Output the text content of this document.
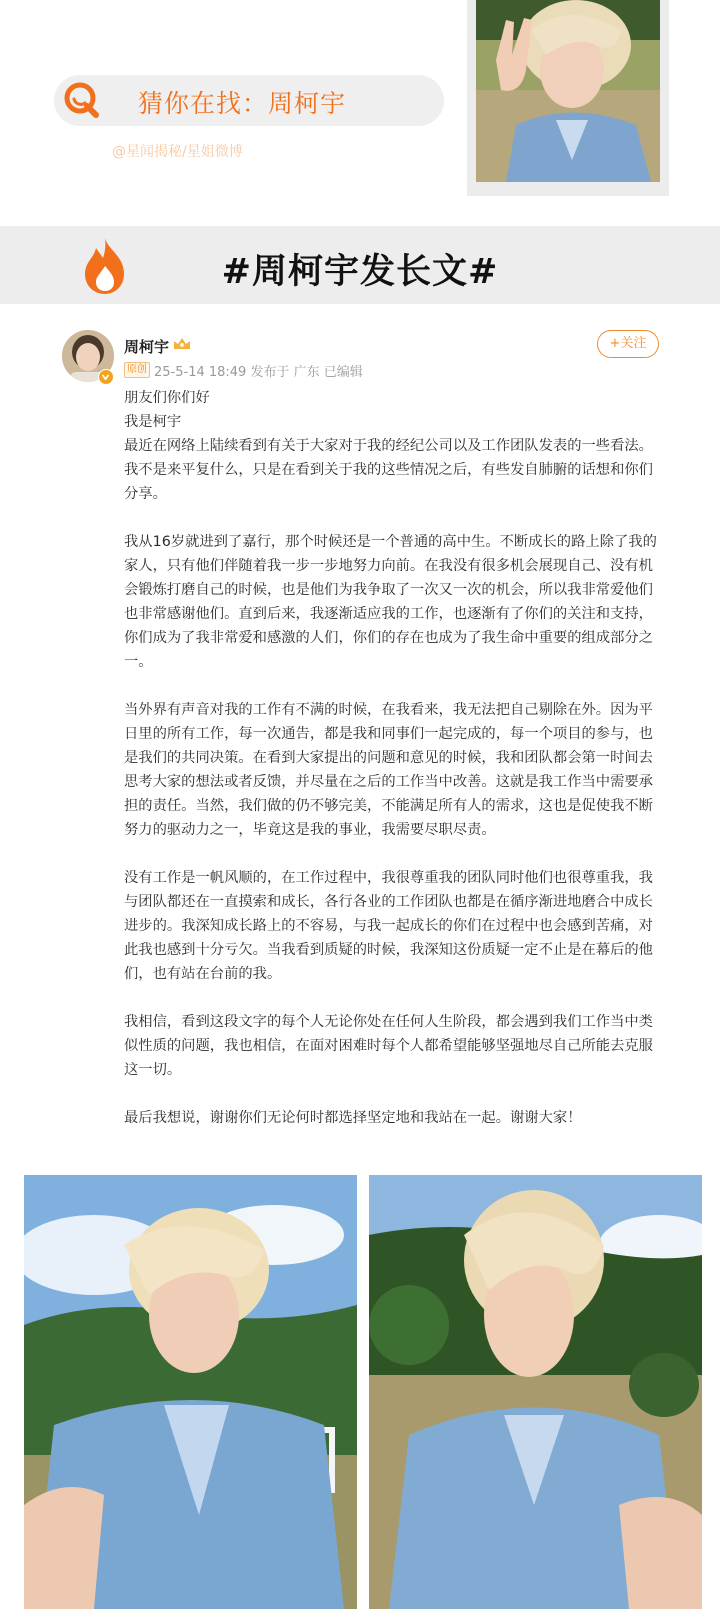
猜你在找：周柯宇
@星闻揭秘/星姐微博
#周柯宇发长文#
周柯宇
原创 25-5-14 18:49 发布于 广东 已编辑
+关注

朋友们你们好

我是柯宇

最近在网络上陆续看到有关于大家对于我的经纪公司以及工作团队发表的一些看法。我不是来平复什么，只是在看到关于我的这些情况之后，有些发自肺腑的话想和你们分享。

我从16岁就进到了嘉行，那个时候还是一个普通的高中生。不断成长的路上除了我的家人，只有他们伴随着我一步一步地努力向前。在我没有很多机会展现自己、没有机会锻炼打磨自己的时候，也是他们为我争取了一次又一次的机会，所以我非常爱他们也非常感谢他们。直到后来，我逐渐适应我的工作，也逐渐有了你们的关注和支持，你们成为了我非常爱和感激的人们，你们的存在也成为了我生命中重要的组成部分之一。

当外界有声音对我的工作有不满的时候，在我看来，我无法把自己剔除在外。因为平日里的所有工作，每一次通告，都是我和同事们一起完成的，每一个项目的参与，也是我们的共同决策。在看到大家提出的问题和意见的时候，我和团队都会第一时间去思考大家的想法或者反馈，并尽量在之后的工作当中改善。这就是我工作当中需要承担的责任。当然，我们做的仍不够完美，不能满足所有人的需求，这也是促使我不断努力的驱动力之一，毕竟这是我的事业，我需要尽职尽责。

没有工作是一帆风顺的，在工作过程中，我很尊重我的团队同时他们也很尊重我，我与团队都还在一直摸索和成长，各行各业的工作团队也都是在循序渐进地磨合中成长进步的。我深知成长路上的不容易，与我一起成长的你们在过程中也会感到苦痛，对此我也感到十分亏欠。当我看到质疑的时候，我深知这份质疑一定不止是在幕后的他们，也有站在台前的我。

我相信，看到这段文字的每个人无论你处在任何人生阶段，都会遇到我们工作当中类似性质的问题，我也相信，在面对困难时每个人都希望能够坚强地尽自己所能去克服这一切。

最后我想说，谢谢你们无论何时都选择坚定地和我站在一起。谢谢大家！
